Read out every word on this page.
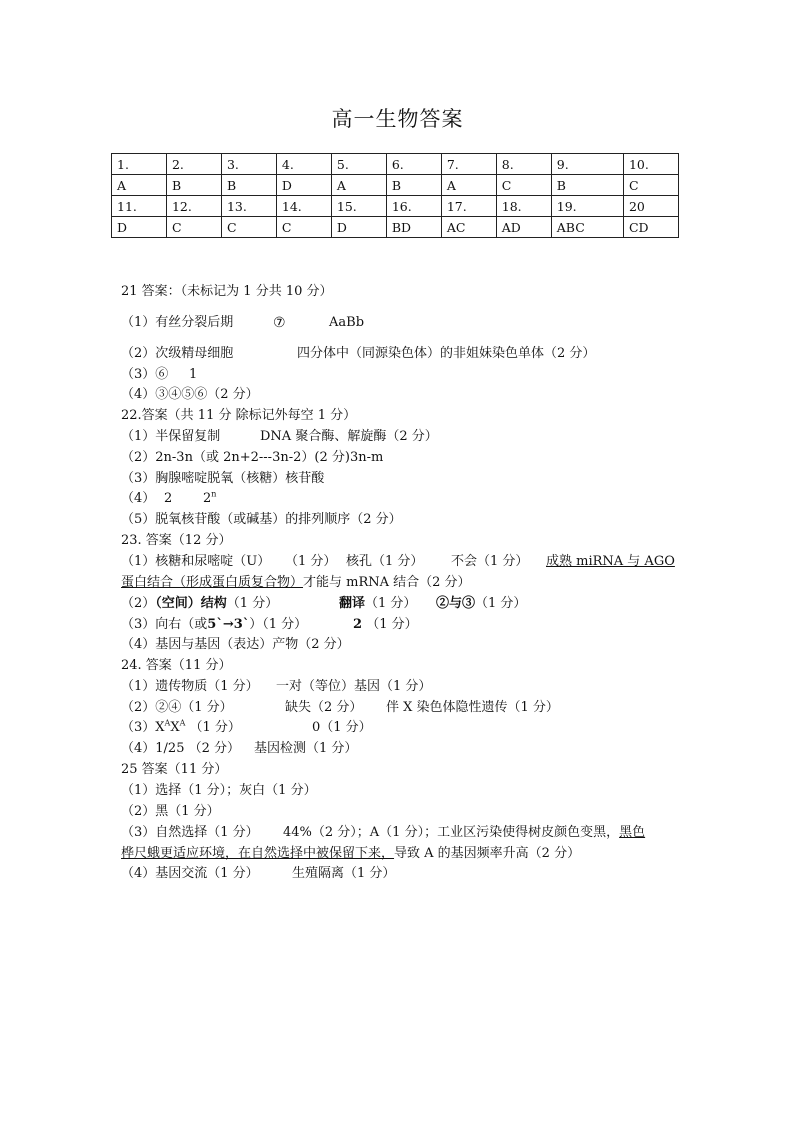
高一生物答案
1.	2.	3.	4.	5.	6.	7.	8.	9.	10.
A	B	B	D	A	B	A	C	B	C
11.	12.	13.	14.	15.	16.	17.	18.	19.	20
D	C	C	C	D	BD	AC	AD	ABC	CD
21 答案：（未标记为 1 分共 10 分）
（1）有丝分裂后期	⑦	AaBb
（2）次级精母细胞	四分体中（同源染色体）的非姐妹染色单体（2 分）
（3）⑥ 1
（4）③④⑤⑥（2 分）
22.答案（共 11 分 除标记外每空 1 分）
（1）半保留复制	DNA 聚合酶、解旋酶（2 分）
（2）2n-3n（或 2n+2---3n-2）(2 分) 3n-m
（3）胸腺嘧啶脱氧（核糖）核苷酸
（4） 2 2$^n$
（5）脱氧核苷酸（或碱基）的排列顺序（2 分）
23. 答案（12 分）
（1）核糖和尿嘧啶（U） （1 分） 核孔（1 分） 不会（1 分） 成熟 miRNA 与 AGO
蛋白结合（形成蛋白质复合物）才能与 mRNA 结合（2 分）
（2）（空间）结构（1 分）	翻译（1 分） ②与③（1 分）
（3）向右（或5`→3`）（1 分）	2 （1 分）
（4）基因与基因（表达）产物（2 分）
24. 答案（11 分）
（1）遗传物质（1 分） 一对（等位）基因（1 分）
（2）②④（1 分）	缺失（2 分） 伴 X 染色体隐性遗传（1 分）
$(3)X^AX^A$ （1 分）	0（1 分）
（4）1/25 （2 分） 基因检测（1 分）
25 答案（11 分）
（1）选择（1 分）；灰白（1 分）
（2）黑（1 分）
（3）自然选择（1 分） 44%（2 分）；A（1 分）；工业区污染使得树皮颜色变黑，黑色
桦尺蛾更适应环境，在自然选择中被保留下来，导致 A 的基因频率升高（2 分）
（4）基因交流（1 分）	生殖隔离（1 分）
